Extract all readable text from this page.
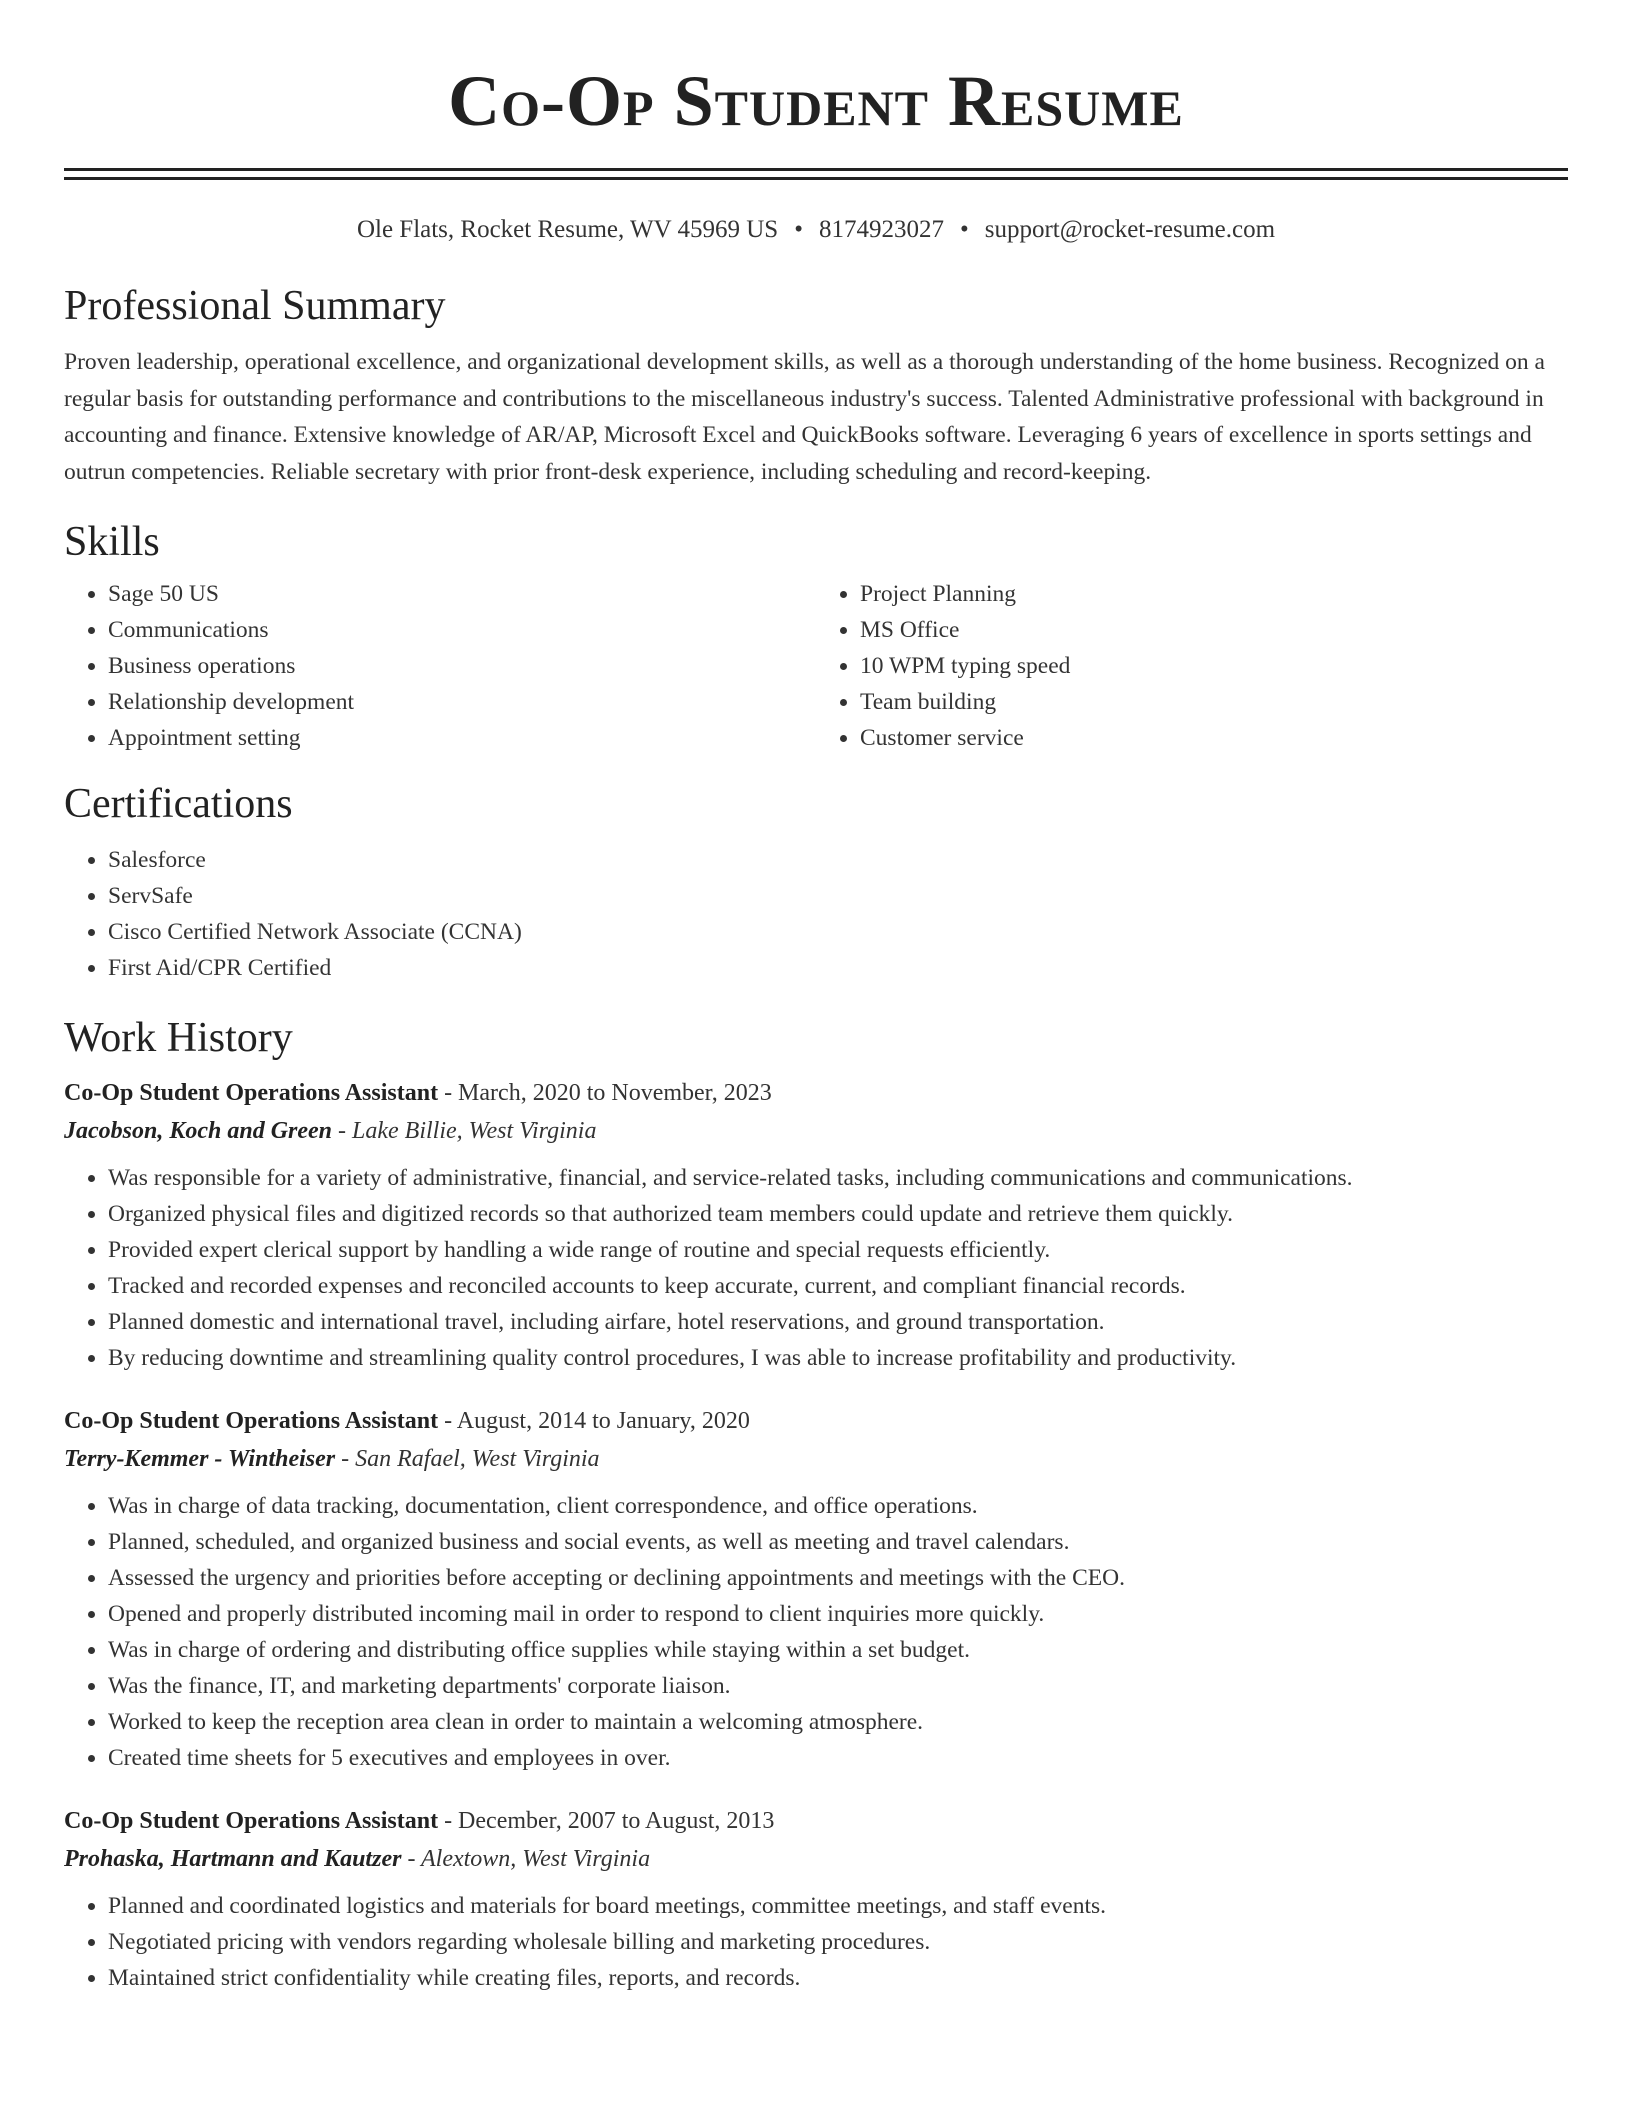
Co-Op Student Resume
Ole Flats, Rocket Resume, WV 45969 US • 8174923027 • support@rocket-resume.com
Professional Summary
Proven leadership, operational excellence, and organizational development skills, as well as a thorough understanding of the home business. Recognized on a regular basis for outstanding performance and contributions to the miscellaneous industry's success. Talented Administrative professional with background in accounting and finance. Extensive knowledge of AR/AP, Microsoft Excel and QuickBooks software. Leveraging 6 years of excellence in sports settings and outrun competencies. Reliable secretary with prior front-desk experience, including scheduling and record-keeping.
Skills
• Sage 50 US
• Communications
• Business operations
• Relationship development
• Appointment setting
• Project Planning
• MS Office
• 10 WPM typing speed
• Team building
• Customer service
Certifications
• Salesforce
• ServSafe
• Cisco Certified Network Associate (CCNA)
• First Aid/CPR Certified
Work History
Co-Op Student Operations Assistant - March, 2020 to November, 2023
Jacobson, Koch and Green - Lake Billie, West Virginia
• Was responsible for a variety of administrative, financial, and service-related tasks, including communications and communications.
• Organized physical files and digitized records so that authorized team members could update and retrieve them quickly.
• Provided expert clerical support by handling a wide range of routine and special requests efficiently.
• Tracked and recorded expenses and reconciled accounts to keep accurate, current, and compliant financial records.
• Planned domestic and international travel, including airfare, hotel reservations, and ground transportation.
• By reducing downtime and streamlining quality control procedures, I was able to increase profitability and productivity.
Co-Op Student Operations Assistant - August, 2014 to January, 2020
Terry-Kemmer - Wintheiser - San Rafael, West Virginia
• Was in charge of data tracking, documentation, client correspondence, and office operations.
• Planned, scheduled, and organized business and social events, as well as meeting and travel calendars.
• Assessed the urgency and priorities before accepting or declining appointments and meetings with the CEO.
• Opened and properly distributed incoming mail in order to respond to client inquiries more quickly.
• Was in charge of ordering and distributing office supplies while staying within a set budget.
• Was the finance, IT, and marketing departments' corporate liaison.
• Worked to keep the reception area clean in order to maintain a welcoming atmosphere.
• Created time sheets for 5 executives and employees in over.
Co-Op Student Operations Assistant - December, 2007 to August, 2013
Prohaska, Hartmann and Kautzer - Alextown, West Virginia
• Planned and coordinated logistics and materials for board meetings, committee meetings, and staff events.
• Negotiated pricing with vendors regarding wholesale billing and marketing procedures.
• Maintained strict confidentiality while creating files, reports, and records.
